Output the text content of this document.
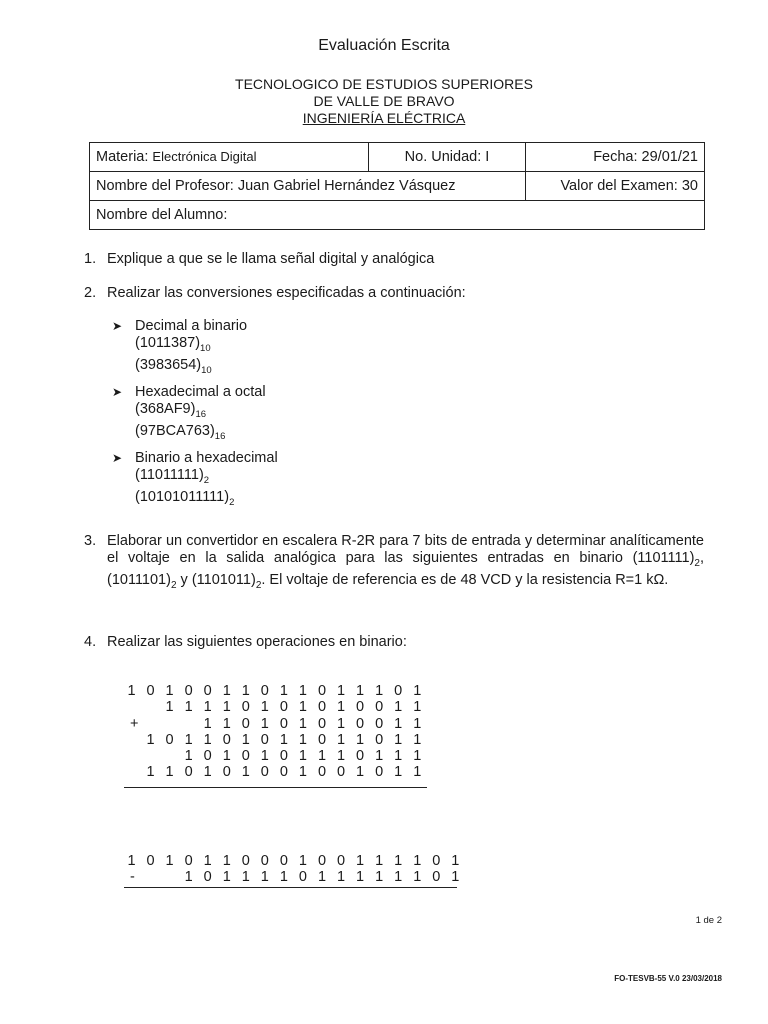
Evaluación Escrita
TECNOLOGICO DE ESTUDIOS SUPERIORES
DE VALLE DE BRAVO
INGENIERÍA ELÉCTRICA
Materia: Electrónica Digital	No. Unidad: I	Fecha: 29/01/21
Nombre del Profesor: Juan Gabriel Hernández Vásquez		Valor del Examen: 30
Nombre del Alumno:		
1. Explique a que se le llama señal digital y analógica
2. Realizar las conversiones especificadas a continuación:
➤ Decimal a binario
$(1011387)_{10}$
$(3983654)_{10}$
➤ Hexadecimal a octal
$(368AF9)_{16}$
$(97BCA763)_{16}$
➤ Binario a hexadecimal
$(11011111)_2$
$(10101011111)_2$
3. Elaborar un convertidor en escalera R-2R para 7 bits de entrada y determinar analíticamente el voltaje en la salida analógica para las siguientes entradas en binario $(1101111)_2$, $(1011101)_2$ y $(1101011)_2$. El voltaje de referencia es de 48 VCD y la resistencia R=1 kΩ.
4. Realizar las siguientes operaciones en binario:
1 0 1 0 0 1 1 0 1 1 0 1 1 1 0 1
1 1 1 1 0 1 0 1 0 1 0 0 1 1
+	1 1 0 1 0 1 0 1 0 0 1 1
1 0 1 1 0 1 0 1 1 0 1 1 0 1 1
1 0 1 0 1 0 1 1 1 0 1 1 1
1 1 0 1 0 1 0 0 1 0 0 1 0 1 1
1 0 1 0 1 1 0 0 0 1 0 0 1 1 1 1 0 1
-	1 0 1 1 1 1 0 1 1 1 1 1 1 0 1
1 de 2
FO-TESVB-55 V.0 23/03/2018
